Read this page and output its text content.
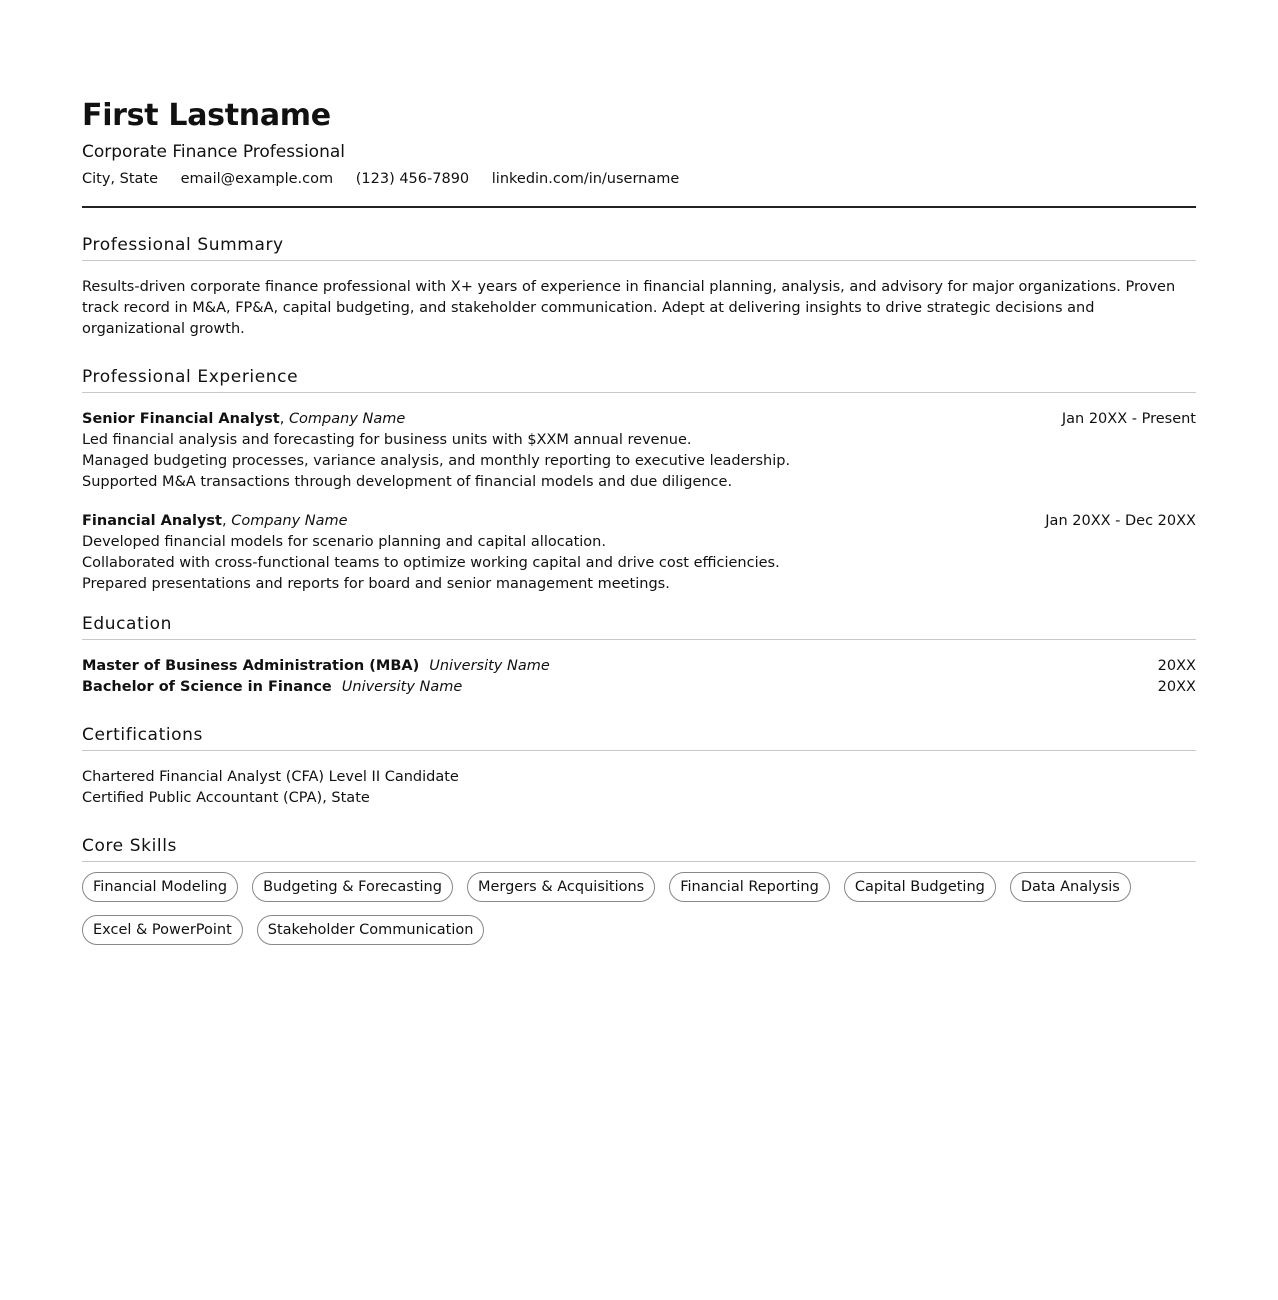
First Lastname
Corporate Finance Professional
City, State email@example.com (123) 456-7890 linkedin.com/in/username
Professional Summary
Results-driven corporate finance professional with X+ years of experience in financial planning, analysis, and advisory for major organizations. Proven track record in M&A, FP&A, capital budgeting, and stakeholder communication. Adept at delivering insights to drive strategic decisions and organizational growth.
Professional Experience
Senior Financial Analyst, Company Name	Jan 20XX - Present
Led financial analysis and forecasting for business units with $XXM annual revenue.
Managed budgeting processes, variance analysis, and monthly reporting to executive leadership.
Supported M&A transactions through development of financial models and due diligence.
Financial Analyst, Company Name	Jan 20XX - Dec 20XX
Developed financial models for scenario planning and capital allocation.
Collaborated with cross-functional teams to optimize working capital and drive cost efficiencies.
Prepared presentations and reports for board and senior management meetings.
Education
Master of Business Administration (MBA) University Name	20XX
Bachelor of Science in Finance University Name	20XX
Certifications
Chartered Financial Analyst (CFA) Level II Candidate
Certified Public Accountant (CPA), State
Core Skills
Financial Modeling	Budgeting & Forecasting	Mergers & Acquisitions	Financial Reporting	Capital Budgeting	Data Analysis
Excel & PowerPoint	Stakeholder Communication
